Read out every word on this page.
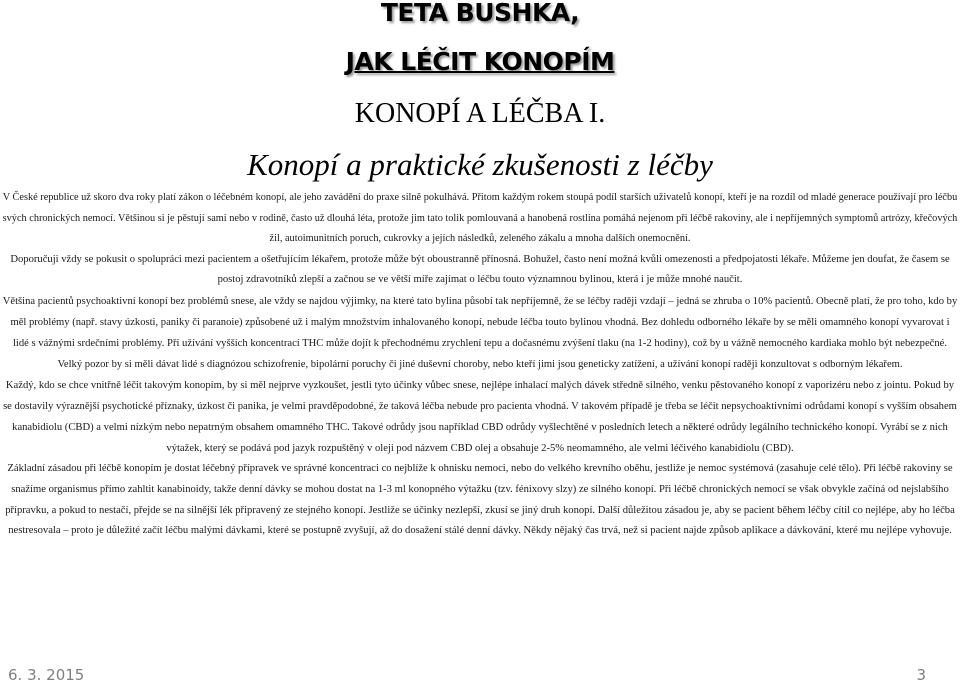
TETA BUSHKA,
JAK LÉČIT KONOPÍM
KONOPÍ A LÉČBA I.
Konopí a praktické zkušenosti z léčby

V České republice už skoro dva roky platí zákon o léčebném konopí, ale jeho zavádění do praxe silně pokulhává. Přitom každým rokem stoupá podíl starších uživatelů konopí, kteří je na rozdíl od mladé generace používají pro léčbu svých chronických nemocí. Většinou si je pěstují sami nebo v rodině, často už dlouhá léta, protože jim tato tolik pomlouvaná a hanobená rostlina pomáhá nejenom při léčbě rakoviny, ale i nepříjemných symptomů artrózy, křečových žil, autoimunitních poruch, cukrovky a jejích následků, zeleného zákalu a mnoha dalších onemocnění.

Doporučuji vždy se pokusit o spolupráci mezi pacientem a ošetřujícím lékařem, protože může být oboustranně přínosná. Bohužel, často není možná kvůli omezenosti a předpojatosti lékaře. Můžeme jen doufat, že časem se postoj zdravotníků zlepší a začnou se ve větší míře zajímat o léčbu touto významnou bylinou, která i je může mnohé naučit.

Většina pacientů psychoaktivní konopí bez problémů snese, ale vždy se najdou výjimky, na které tato bylina působí tak nepříjemně, že se léčby raději vzdají – jedná se zhruba o 10% pacientů. Obecně platí, že pro toho, kdo by měl problémy (např. stavy úzkosti, paniky či paranoie) způsobené už i malým množstvím inhalovaného konopí, nebude léčba touto bylinou vhodná. Bez dohledu odborného lékaře by se měli omamného konopí vyvarovat i lidé s vážnými srdečními problémy. Při užívání vyšších koncentrací THC může dojít k přechodnému zrychlení tepu a dočasnému zvýšení tlaku (na 1-2 hodiny), což by u vážně nemocného kardiaka mohlo být nebezpečné. Velký pozor by si měli dávat lidé s diagnózou schizofrenie, bipolární poruchy či jiné duševní choroby, nebo kteří jimi jsou geneticky zatížení, a užívání konopí raději konzultovat s odborným lékařem.

Každý, kdo se chce vnitřně léčit takovým konopím, by si měl nejprve vyzkoušet, jestli tyto účinky vůbec snese, nejlépe inhalací malých dávek středně silného, venku pěstovaného konopí z vaporizéru nebo z jointu. Pokud by se dostavily výraznější psychotické příznaky, úzkost či panika, je velmi pravděpodobné, že taková léčba nebude pro pacienta vhodná. V takovém případě je třeba se léčit nepsychoaktivními odrůdami konopí s vyšším obsahem kanabidiolu (CBD) a velmi nízkým nebo nepatrným obsahem omamného THC. Takové odrůdy jsou například CBD odrůdy vyšlechtěné v posledních letech a některé odrůdy legálního technického konopí. Vyrábí se z nich výtažek, který se podává pod jazyk rozpuštěný v oleji pod názvem CBD olej a obsahuje 2-5% neomamného, ale velmi léčivého kanabidiolu (CBD).

Základní zásadou při léčbě konopím je dostat léčebný přípravek ve správné koncentraci co nejblíže k ohnisku nemoci, nebo do velkého krevního oběhu, jestliže je nemoc systémová (zasahuje celé tělo). Při léčbě rakoviny se snažíme organismus přímo zahltit kanabinoidy, takže denní dávky se mohou dostat na 1-3 ml konopného výtažku (tzv. fénixovy slzy) ze silného konopí. Při léčbě chronických nemocí se však obvykle začíná od nejslabšího přípravku, a pokud to nestačí, přejde se na silnější lék připravený ze stejného konopí. Jestliže se účinky nezlepší, zkusí se jiný druh konopí. Další důležitou zásadou je, aby se pacient během léčby cítil co nejlépe, aby ho léčba nestresovala – proto je důležité začít léčbu malými dávkami, které se postupně zvyšují, až do dosažení stálé denní dávky. Někdy nějaký čas trvá, než si pacient najde způsob aplikace a dávkování, které mu nejlépe vyhovuje.

6. 3. 2015	3
